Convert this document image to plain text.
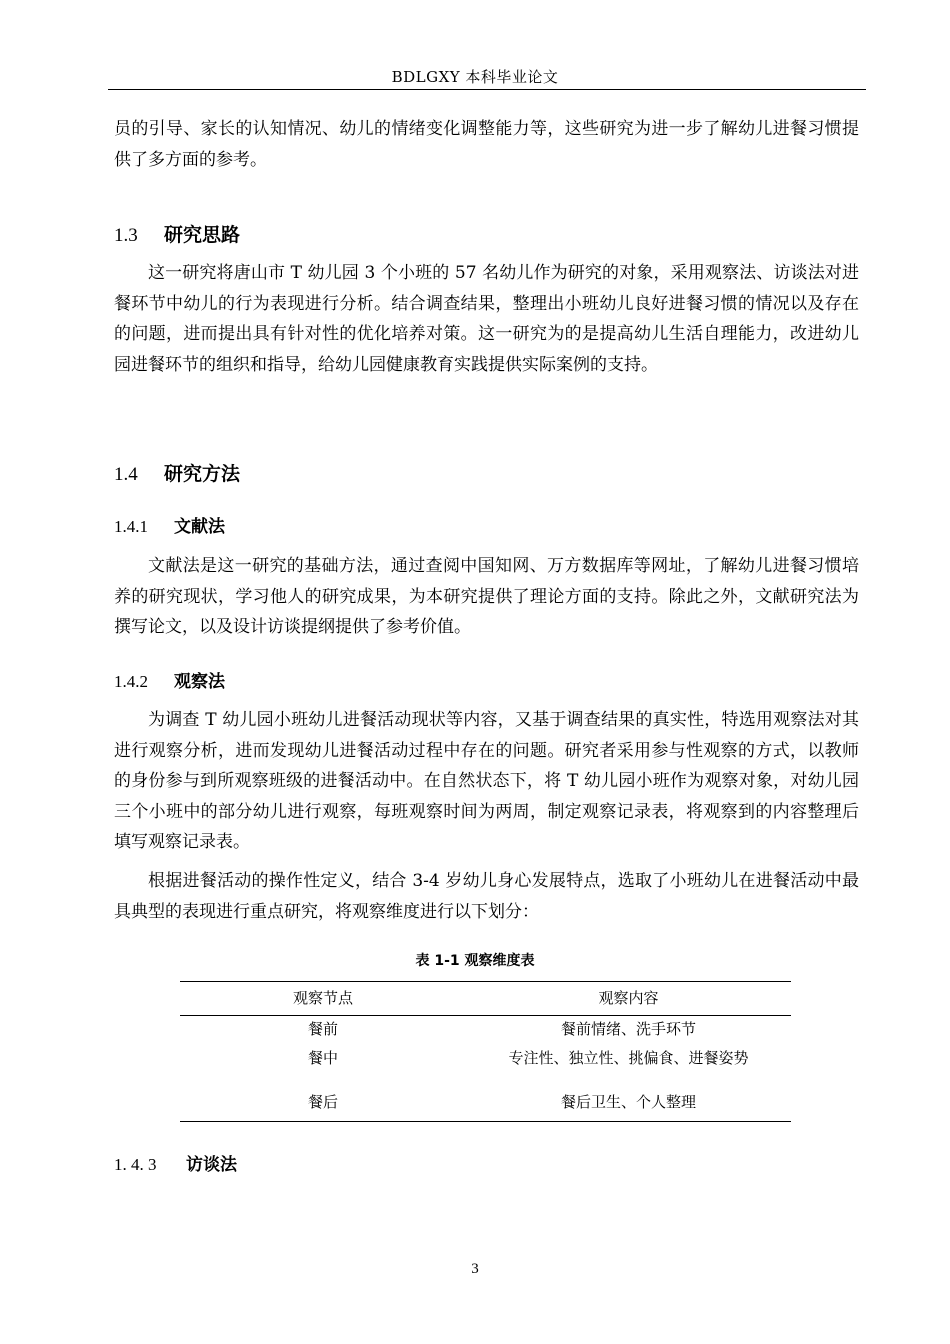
BDLGXY 本科毕业论文

员的引导、家长的认知情况、幼儿的情绪变化调整能力等，这些研究为进一步了解幼儿进餐习惯提供了多方面的参考。

1.3 研究思路

这一研究将唐山市 T 幼儿园 3 个小班的 57 名幼儿作为研究的对象，采用观察法、访谈法对进餐环节中幼儿的行为表现进行分析。结合调查结果，整理出小班幼儿良好进餐习惯的情况以及存在的问题，进而提出具有针对性的优化培养对策。这一研究为的是提高幼儿生活自理能力，改进幼儿园进餐环节的组织和指导，给幼儿园健康教育实践提供实际案例的支持。

1.4 研究方法
1.4.1 文献法

文献法是这一研究的基础方法，通过查阅中国知网、万方数据库等网址，了解幼儿进餐习惯培养的研究现状，学习他人的研究成果，为本研究提供了理论方面的支持。除此之外，文献研究法为撰写论文，以及设计访谈提纲提供了参考价值。

1.4.2 观察法

为调查 T 幼儿园小班幼儿进餐活动现状等内容，又基于调查结果的真实性，特选用观察法对其进行观察分析，进而发现幼儿进餐活动过程中存在的问题。研究者采用参与性观察的方式，以教师的身份参与到所观察班级的进餐活动中。在自然状态下，将 T 幼儿园小班作为观察对象，对幼儿园三个小班中的部分幼儿进行观察，每班观察时间为两周，制定观察记录表，将观察到的内容整理后填写观察记录表。

根据进餐活动的操作性定义，结合 3-4 岁幼儿身心发展特点，选取了小班幼儿在进餐活动中最具典型的表现进行重点研究，将观察维度进行以下划分：

表 1-1 观察维度表
观察节点	观察内容
餐前	餐前情绪、洗手环节
餐中	专注性、独立性、挑偏食、进餐姿势
餐后	餐后卫生、个人整理
1. 4. 3 访谈法
3
